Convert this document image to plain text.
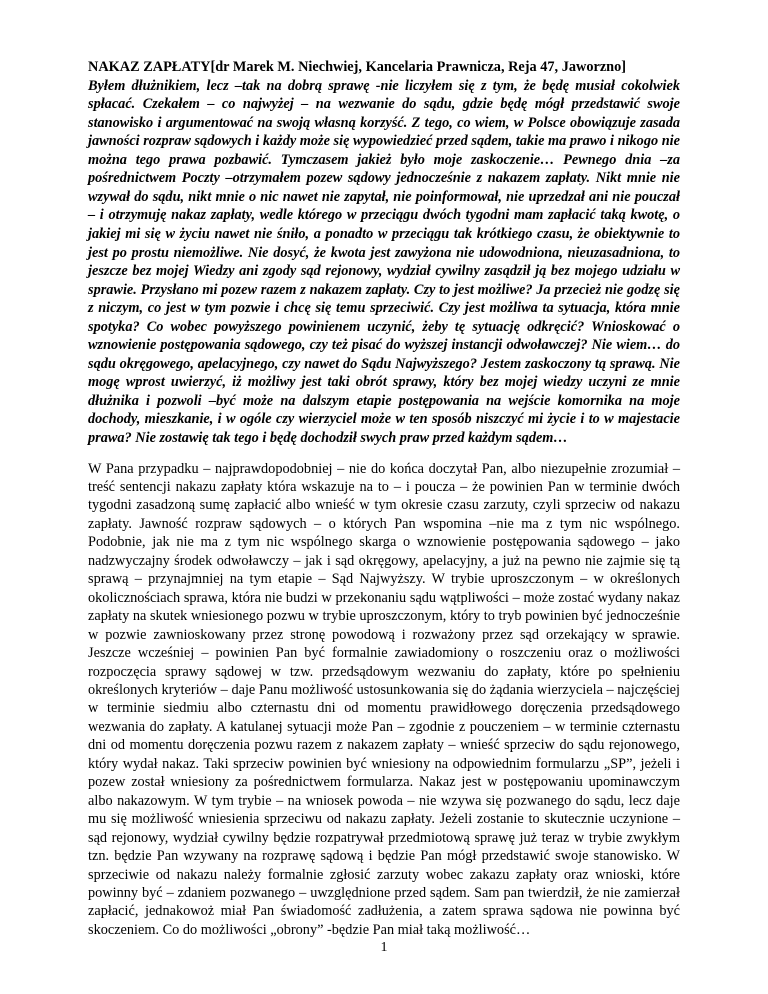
NAKAZ ZAPŁATY[dr Marek M. Niechwiej, Kancelaria Prawnicza, Reja 47, Jaworzno]

Byłem dłużnikiem, lecz –tak na dobrą sprawę -nie liczyłem się z tym, że będę musiał cokolwiek spłacać. Czekałem – co najwyżej – na wezwanie do sądu, gdzie będę mógł przedstawić swoje stanowisko i argumentować na swoją własną korzyść. Z tego, co wiem, w Polsce obowiązuje zasada jawności rozpraw sądowych i każdy może się wypowiedzieć przed sądem, takie ma prawo i nikogo nie można tego prawa pozbawić. Tymczasem jakież było moje zaskoczenie… Pewnego dnia –za pośrednictwem Poczty –otrzymałem pozew sądowy jednocześnie z nakazem zapłaty. Nikt mnie nie wzywał do sądu, nikt mnie o nic nawet nie zapytał, nie poinformował, nie uprzedzał ani nie pouczał – i otrzymuję nakaz zapłaty, wedle którego w przeciągu dwóch tygodni mam zapłacić taką kwotę, o jakiej mi się w życiu nawet nie śniło, a ponadto w przeciągu tak krótkiego czasu, że obiektywnie to jest po prostu niemożliwe. Nie dosyć, że kwota jest zawyżona nie udowodniona, nieuzasadniona, to jeszcze bez mojej Wiedzy ani zgody sąd rejonowy, wydział cywilny zasądził ją bez mojego udziału w sprawie. Przysłano mi pozew razem z nakazem zapłaty. Czy to jest możliwe? Ja przecież nie godzę się z niczym, co jest w tym pozwie i chcę się temu sprzeciwić. Czy jest możliwa ta sytuacja, która mnie spotyka? Co wobec powyższego powinienem uczynić, żeby tę sytuację odkręcić? Wnioskować o wznowienie postępowania sądowego, czy też pisać do wyższej instancji odwoławczej? Nie wiem… do sądu okręgowego, apelacyjnego, czy nawet do Sądu Najwyższego? Jestem zaskoczony tą sprawą. Nie mogę wprost uwierzyć, iż możliwy jest taki obrót sprawy, który bez mojej wiedzy uczyni ze mnie dłużnika i pozwoli –być może na dalszym etapie postępowania na wejście komornika na moje dochody, mieszkanie, i w ogóle czy wierzyciel może w ten sposób niszczyć mi życie i to w majestacie prawa? Nie zostawię tak tego i będę dochodził swych praw przed każdym sądem…

W Pana przypadku – najprawdopodobniej – nie do końca doczytał Pan, albo niezupełnie zrozumiał – treść sentencji nakazu zapłaty która wskazuje na to – i poucza – że powinien Pan w terminie dwóch tygodni zasadzoną sumę zapłacić albo wnieść w tym okresie czasu zarzuty, czyli sprzeciw od nakazu zapłaty. Jawność rozpraw sądowych – o których Pan wspomina –nie ma z tym nic wspólnego. Podobnie, jak nie ma z tym nic wspólnego skarga o wznowienie postępowania sądowego – jako nadzwyczajny środek odwoławczy – jak i sąd okręgowy, apelacyjny, a już na pewno nie zajmie się tą sprawą – przynajmniej na tym etapie – Sąd Najwyższy. W trybie uproszczonym – w określonych okolicznościach sprawa, która nie budzi w przekonaniu sądu wątpliwości – może zostać wydany nakaz zapłaty na skutek wniesionego pozwu w trybie uproszczonym, który to tryb powinien być jednocześnie w pozwie zawnioskowany przez stronę powodową i rozważony przez sąd orzekający w sprawie. Jeszcze wcześniej – powinien Pan być formalnie zawiadomiony o roszczeniu oraz o możliwości rozpoczęcia sprawy sądowej w tzw. przedsądowym wezwaniu do zapłaty, które po spełnieniu określonych kryteriów – daje Panu możliwość ustosunkowania się do żądania wierzyciela – najczęściej w terminie siedmiu albo czternastu dni od momentu prawidłowego doręczenia przedsądowego wezwania do zapłaty. A katulanej sytuacji może Pan – zgodnie z pouczeniem – w terminie czternastu dni od momentu doręczenia pozwu razem z nakazem zapłaty – wnieść sprzeciw do sądu rejonowego, który wydał nakaz. Taki sprzeciw powinien być wniesiony na odpowiednim formularzu „SP”, jeżeli i pozew został wniesiony za pośrednictwem formularza. Nakaz jest w postępowaniu upominawczym albo nakazowym. W tym trybie – na wniosek powoda – nie wzywa się pozwanego do sądu, lecz daje mu się możliwość wniesienia sprzeciwu od nakazu zapłaty. Jeżeli zostanie to skutecznie uczynione – sąd rejonowy, wydział cywilny będzie rozpatrywał przedmiotową sprawę już teraz w trybie zwykłym tzn. będzie Pan wzywany na rozprawę sądową i będzie Pan mógł przedstawić swoje stanowisko. W sprzeciwie od nakazu należy formalnie zgłosić zarzuty wobec zakazu zapłaty oraz wnioski, które powinny być – zdaniem pozwanego – uwzględnione przed sądem. Sam pan twierdził, że nie zamierzał zapłacić, jednakowoż miał Pan świadomość zadłużenia, a zatem sprawa sądowa nie powinna być skoczeniem. Co do możliwości „obrony” -będzie Pan miał taką możliwość…

1
